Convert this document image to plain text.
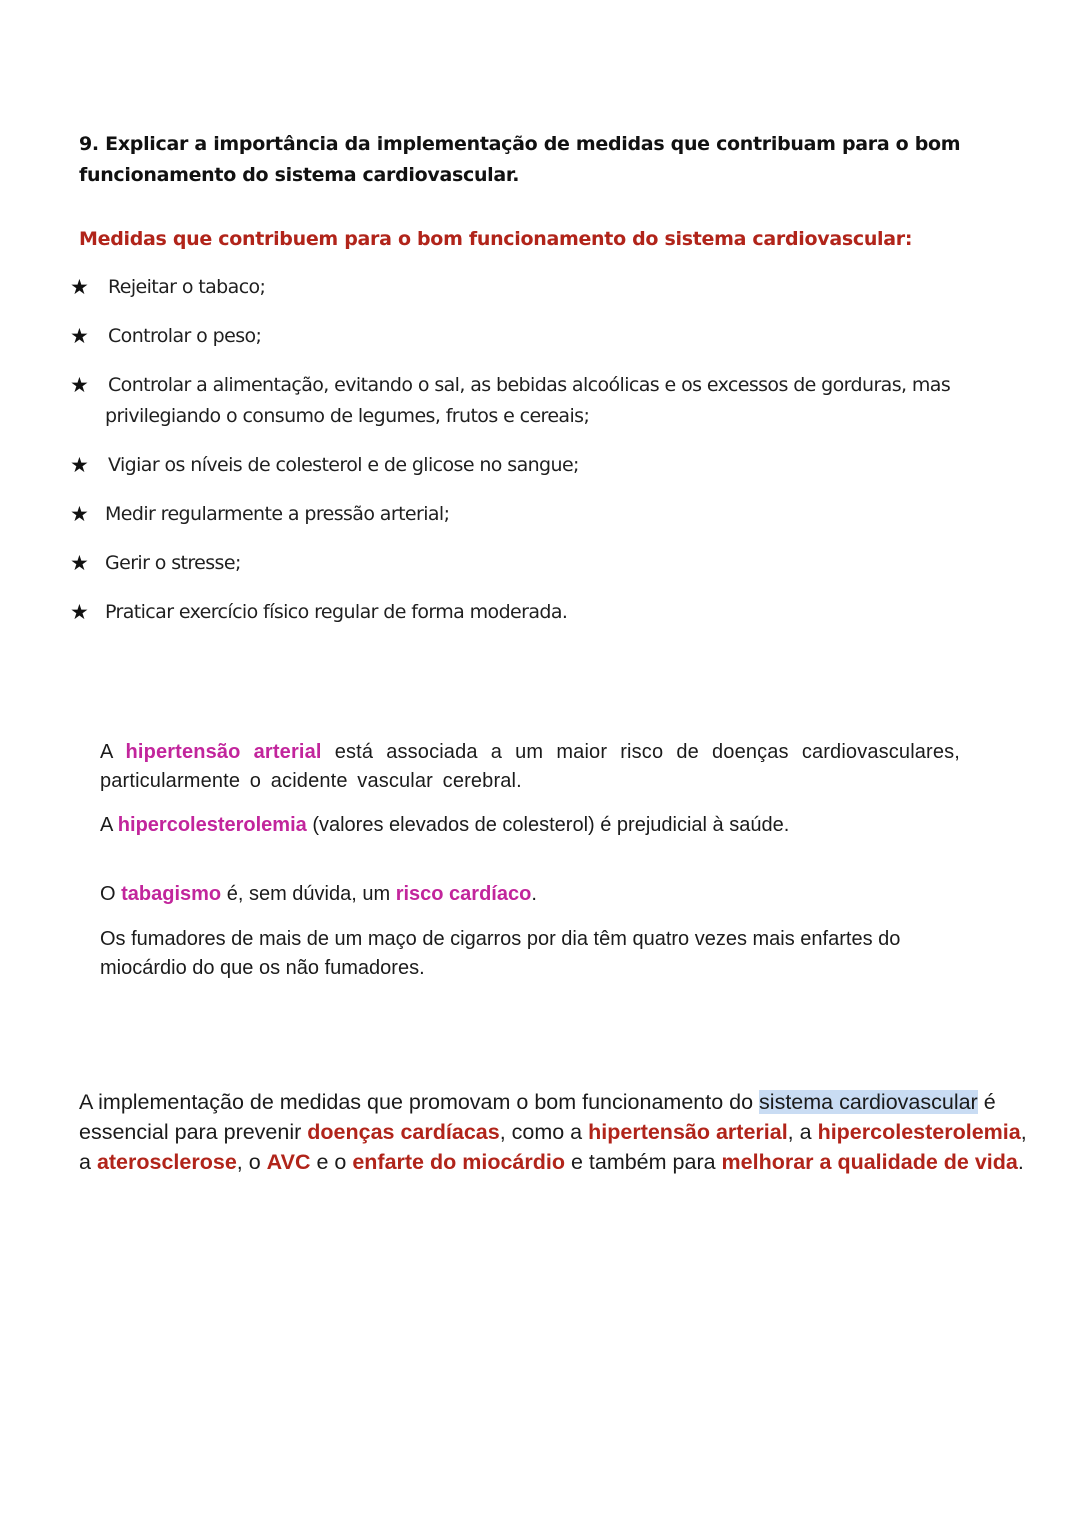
9. Explicar a importância da implementação de medidas que contribuam para o bom funcionamento do sistema cardiovascular.

Medidas que contribuem para o bom funcionamento do sistema cardiovascular:

★ Rejeitar o tabaco;
★ Controlar o peso;
★ Controlar a alimentação, evitando o sal, as bebidas alcoólicas e os excessos de gorduras, mas privilegiando o consumo de legumes, frutos e cereais;
★ Vigiar os níveis de colesterol e de glicose no sangue;
★ Medir regularmente a pressão arterial;
★ Gerir o stresse;
★ Praticar exercício físico regular de forma moderada.

A hipertensão arterial está associada a um maior risco de doenças cardiovasculares, particularmente o acidente vascular cerebral.

A hipercolesterolemia (valores elevados de colesterol) é prejudicial à saúde.

O tabagismo é, sem dúvida, um risco cardíaco.

Os fumadores de mais de um maço de cigarros por dia têm quatro vezes mais enfartes do miocárdio do que os não fumadores.

A implementação de medidas que promovam o bom funcionamento do sistema cardiovascular é essencial para prevenir doenças cardíacas, como a hipertensão arterial, a hipercolesterolemia, a aterosclerose, o AVC e o enfarte do miocárdio e também para melhorar a qualidade de vida.
